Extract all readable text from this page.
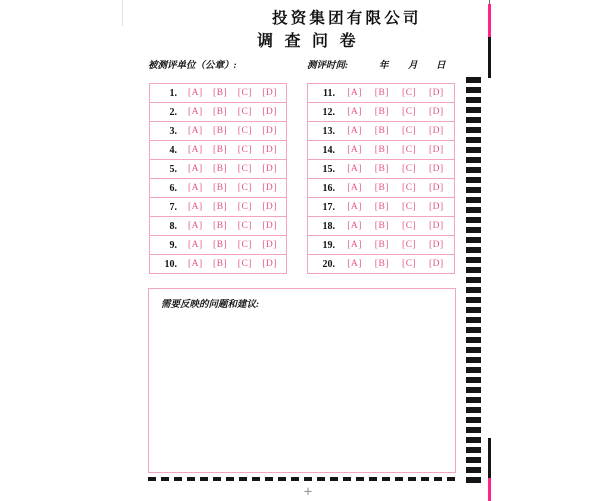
投资集团有限公司
调查问卷
被测评单位（公章）:	测评时间:	年 月 日
1.	[A]	[B]	[C]	[D]
2.	[A]	[B]	[C]	[D]
3.	[A]	[B]	[C]	[D]
4.	[A]	[B]	[C]	[D]
5.	[A]	[B]	[C]	[D]
6.	[A]	[B]	[C]	[D]
7.	[A]	[B]	[C]	[D]
8.	[A]	[B]	[C]	[D]
9.	[A]	[B]	[C]	[D]
10.	[A]	[B]	[C]	[D]
11.	[A]	[B]	[C]	[D]
12.	[A]	[B]	[C]	[D]
13.	[A]	[B]	[C]	[D]
14.	[A]	[B]	[C]	[D]
15.	[A]	[B]	[C]	[D]
16.	[A]	[B]	[C]	[D]
17.	[A]	[B]	[C]	[D]
18.	[A]	[B]	[C]	[D]
19.	[A]	[B]	[C]	[D]
20.	[A]	[B]	[C]	[D]
需要反映的问题和建议:
+
